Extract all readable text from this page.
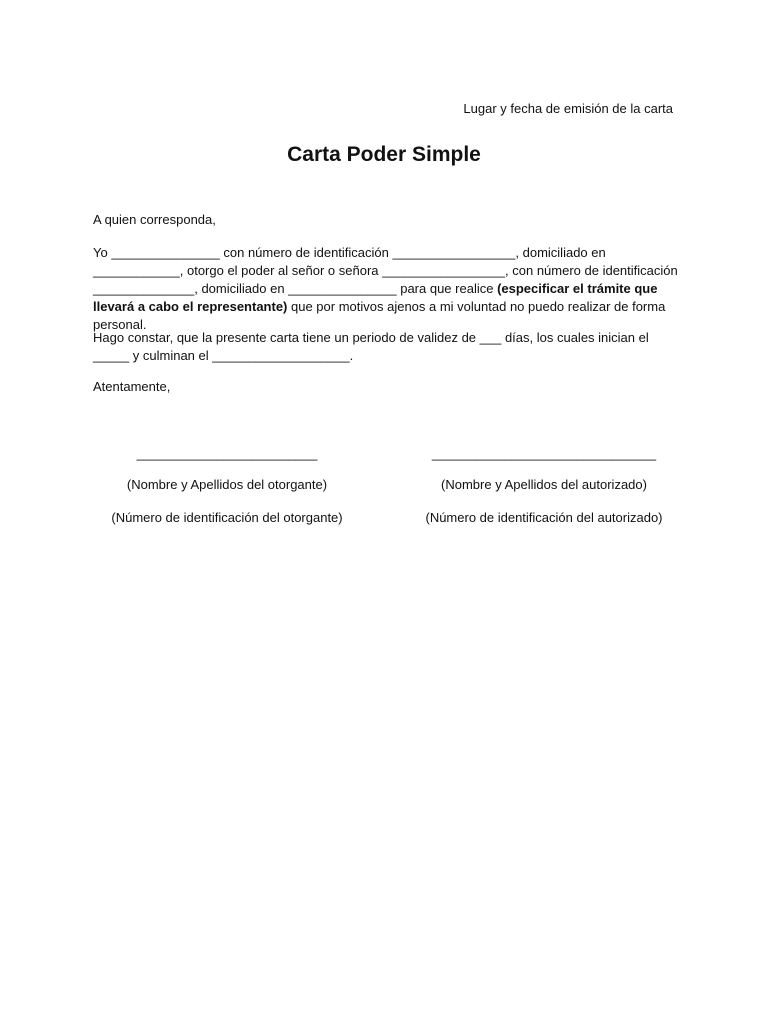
Lugar y fecha de emisión de la carta
Carta Poder Simple
A quien corresponda,
Yo _______________ con número de identificación _________________, domiciliado en ____________, otorgo el poder al señor o señora _________________, con número de identificación ______________, domiciliado en _______________ para que realice (especificar el trámite que llevará a cabo el representante) que por motivos ajenos a mi voluntad no puedo realizar de forma personal.
Hago constar, que la presente carta tiene un periodo de validez de ___ días, los cuales inician el _____ y culminan el ___________________.
Atentamente,
_________________________
(Nombre y Apellidos del otorgante)
(Número de identificación del otorgante)
_______________________________
(Nombre y Apellidos del autorizado)
(Número de identificación del autorizado)
